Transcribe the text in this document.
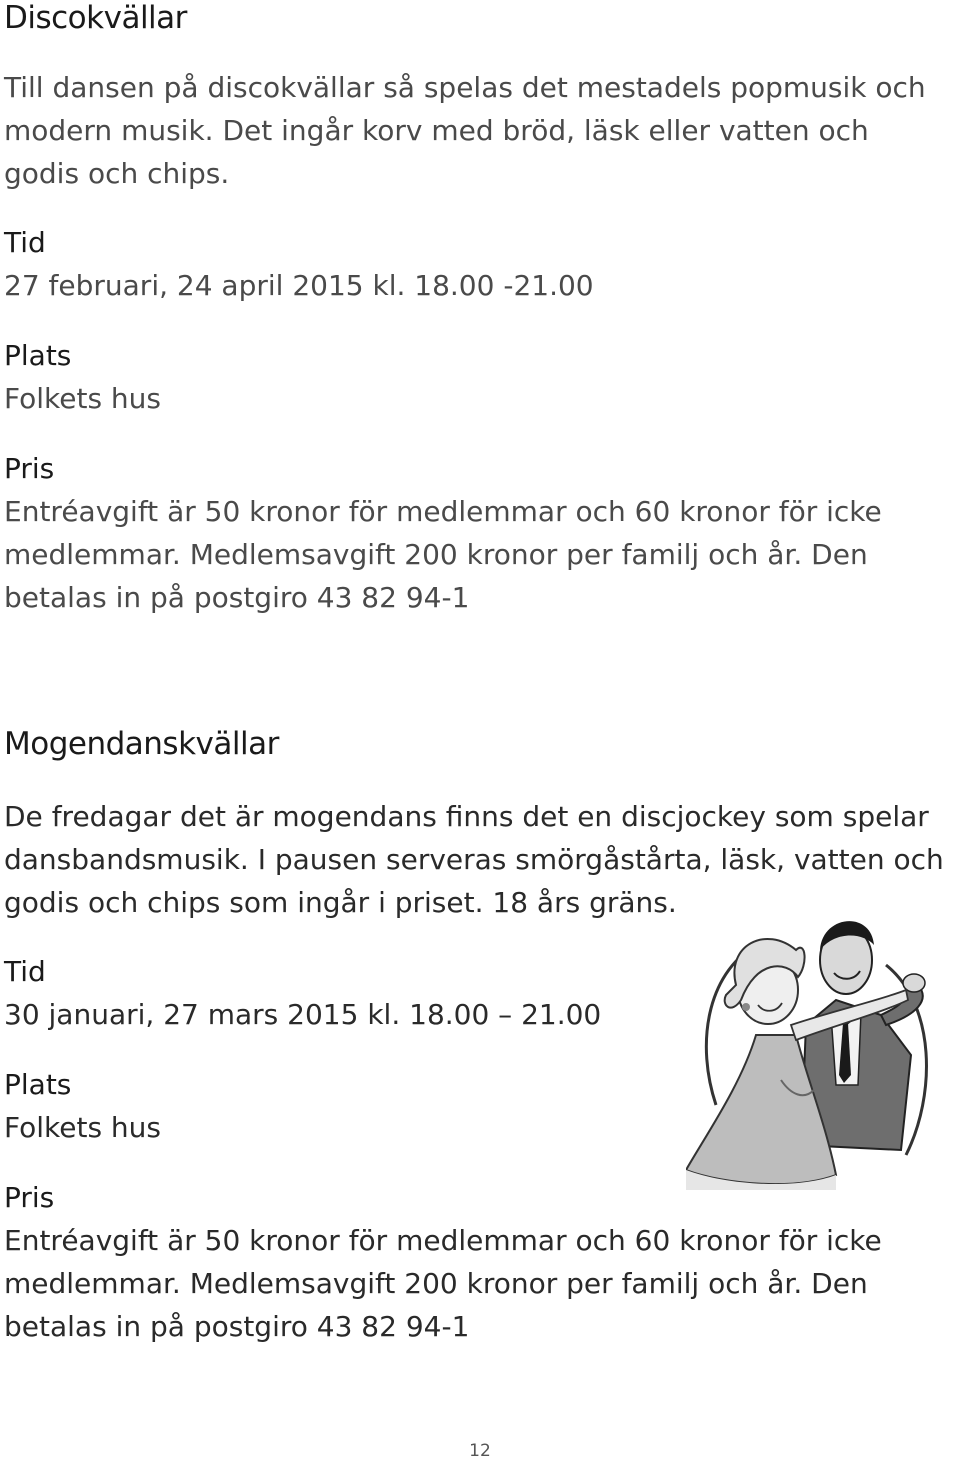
Discokvällar

Till dansen på discokvällar så spelas det mestadels popmusik och modern musik. Det ingår korv med bröd, läsk eller vatten och godis och chips.

Tid

27 februari, 24 april 2015 kl. 18.00 -21.00

Plats

Folkets hus

Pris

Entréavgift är 50 kronor för medlemmar och 60 kronor för icke medlemmar. Medlemsavgift 200 kronor per familj och år. Den betalas in på postgiro 43 82 94-1

Mogendanskvällar

De fredagar det är mogendans finns det en discjockey som spelar dansbandsmusik. I pausen serveras smörgåstårta, läsk, vatten och godis och chips som ingår i priset. 18 års gräns.

Tid

30 januari, 27 mars 2015 kl. 18.00 – 21.00

Plats

Folkets hus

Pris

Entréavgift är 50 kronor för medlemmar och 60 kronor för icke medlemmar. Medlemsavgift 200 kronor per familj och år. Den betalas in på postgiro 43 82 94-1

12
